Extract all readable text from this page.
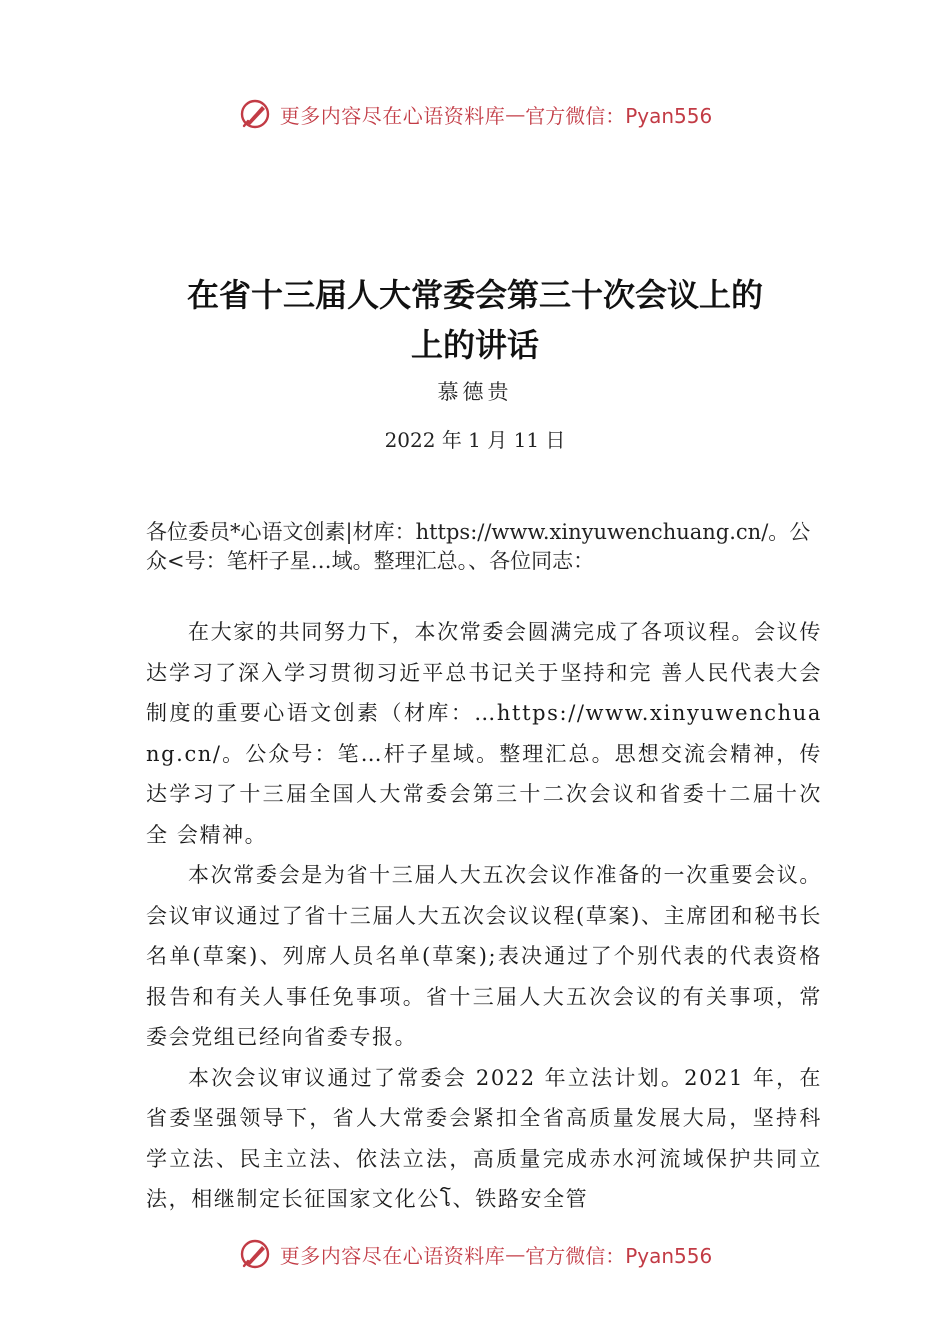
更多内容尽在心语资料库 — 官方微信：Pyan556
在省十三届人大常委会第三十次会议上的
上的讲话
慕德贵
2022 年 1 月 11 日
各位委员*心语文创素|材库：https://www.xinyuwenchuang.cn/。公众<号：笔杆子星…域。整理汇总。、各位同志：

在大家的共同努力下，本次常委会圆满完成了各项议程。会议传达学习了深入学习贯彻习近平总书记关于坚持和完 善人民代表大会制度的重要心语文创素（材库：…https://www.xinyuwenchuang.cn/。公众号：笔…杆子星域。整理汇总。思想交流会精神，传达学习了十三届全国人大常委会第三十二次会议和省委十二届十次全 会精神。

本次常委会是为省十三届人大五次会议作准备的一次重要会议。会议审议通过了省十三届人大五次会议议程(草案)、主席团和秘书长名单(草案)、列席人员名单(草案);表决通过了个别代表的代表资格报告和有关人事任免事项。省十三届人大五次会议的有关事项，常委会党组已经向省委专报。

本次会议审议通过了常委会 2022 年立法计划。2021 年，在省委坚强领导下，省人大常委会紧扣全省高质量发展大局，坚持科学立法、民主立法、依法立法，高质量完成赤水河流域保护共同立法，相继制定长征国家文化公โ、铁路安全管

更多内容尽在心语资料库 — 官方微信：Pyan556
